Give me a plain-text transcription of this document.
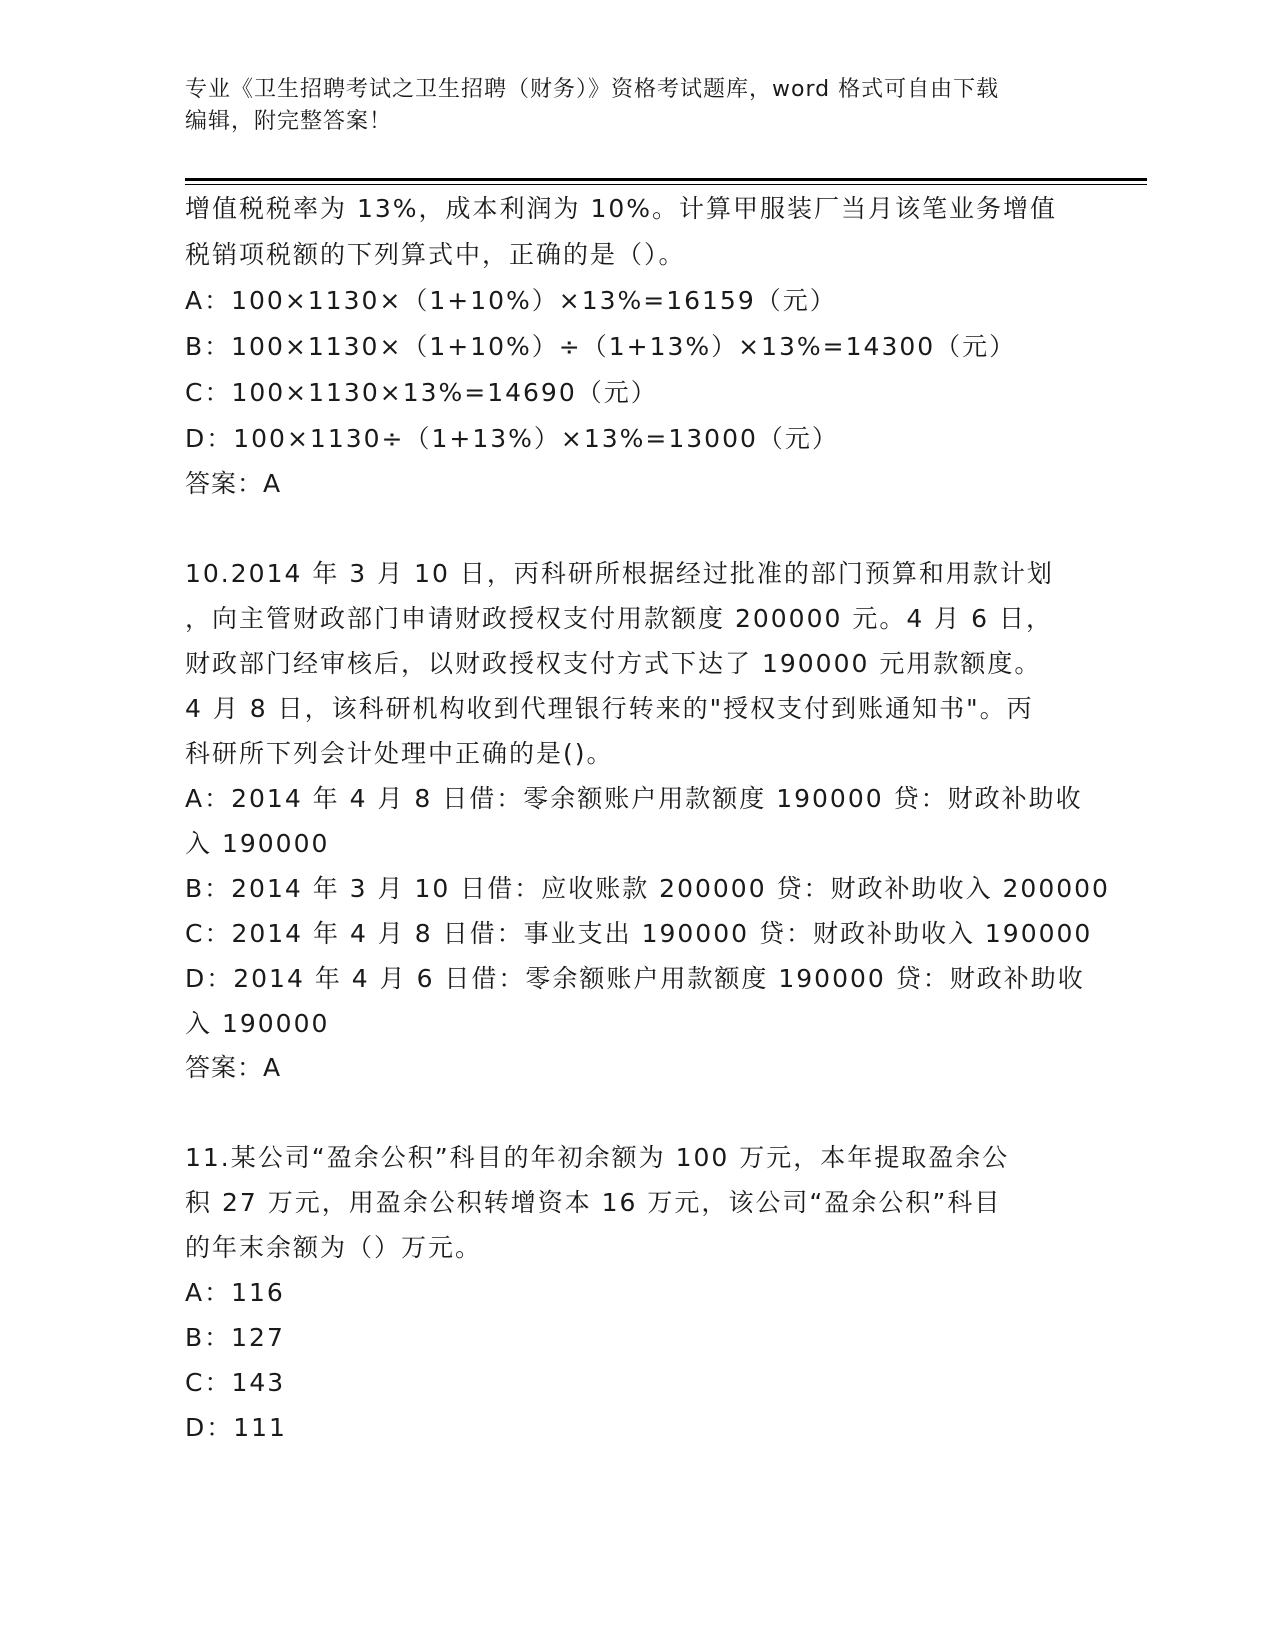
专业《卫生招聘考试之卫生招聘（财务）》资格考试题库，word 格式可自由下载
编辑，附完整答案！
增值税税率为 13%，成本利润为 10%。计算甲服装厂当月该笔业务增值
税销项税额的下列算式中，正确的是（）。
A：100×1130×（1+10%）×13%=16159（元）
B：100×1130×（1+10%）÷（1+13%）×13%=14300（元）
C：100×1130×13%=14690（元）
D：100×1130÷（1+13%）×13%=13000（元）
答案：A
10.2014 年 3 月 10 日，丙科研所根据经过批准的部门预算和用款计划
，向主管财政部门申请财政授权支付用款额度 200000 元。4 月 6 日，
财政部门经审核后，以财政授权支付方式下达了 190000 元用款额度。
4 月 8 日，该科研机构收到代理银行转来的"授权支付到账通知书"。丙
科研所下列会计处理中正确的是()。
A：2014 年 4 月 8 日借：零余额账户用款额度 190000 贷：财政补助收
入 190000
B：2014 年 3 月 10 日借：应收账款 200000 贷：财政补助收入 200000
C：2014 年 4 月 8 日借：事业支出 190000 贷：财政补助收入 190000
D：2014 年 4 月 6 日借：零余额账户用款额度 190000 贷：财政补助收
入 190000
答案：A
11.某公司“盈余公积”科目的年初余额为 100 万元，本年提取盈余公
积 27 万元，用盈余公积转增资本 16 万元，该公司“盈余公积”科目
的年末余额为（）万元。
A：116
B：127
C：143
D：111
